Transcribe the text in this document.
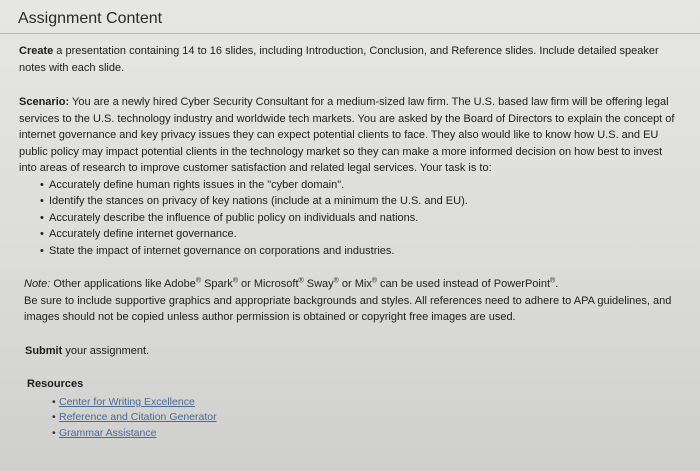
Assignment Content

Create a presentation containing 14 to 16 slides, including Introduction, Conclusion, and Reference slides. Include detailed speaker notes with each slide.

Scenario: You are a newly hired Cyber Security Consultant for a medium-sized law firm. The U.S. based law firm will be offering legal services to the U.S. technology industry and worldwide tech markets. You are asked by the Board of Directors to explain the concept of internet governance and key privacy issues they can expect potential clients to face. They also would like to know how U.S. and EU public policy may impact potential clients in the technology market so they can make a more informed decision on how best to invest into areas of research to improve customer satisfaction and related legal services. Your task is to:

• Accurately define human rights issues in the "cyber domain".
• Identify the stances on privacy of key nations (include at a minimum the U.S. and EU).
• Accurately describe the influence of public policy on individuals and nations.
• Accurately define internet governance.
• State the impact of internet governance on corporations and industries.
Note: Other applications like Adobe® Spark® or Microsoft® Sway® or Mix® can be used instead of PowerPoint®.
Be sure to include supportive graphics and appropriate backgrounds and styles. All references need to adhere to APA guidelines, and images should not be copied unless author permission is obtained or copyright free images are used.

Submit your assignment.

Resources
• Center for Writing Excellence
• Reference and Citation Generator
• Grammar Assistance
